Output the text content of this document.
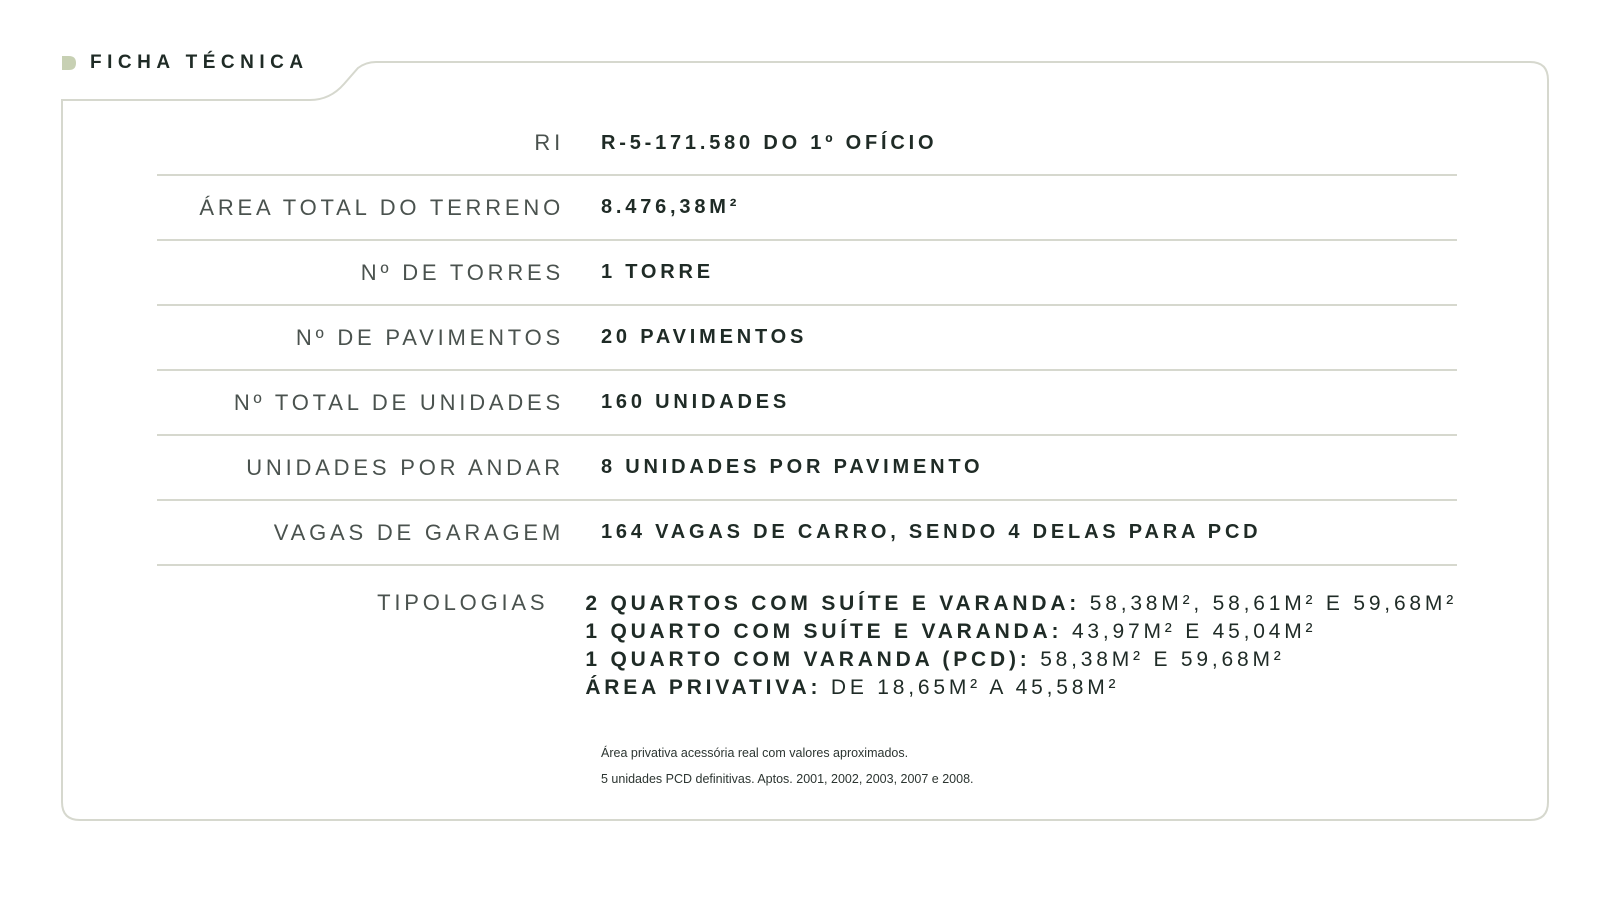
FICHA TÉCNICA
RI R-5-171.580 DO 1º OFÍCIO
ÁREA TOTAL DO TERRENO 8.476,38M²
Nº DE TORRES 1 TORRE
Nº DE PAVIMENTOS 20 PAVIMENTOS
Nº TOTAL DE UNIDADES 160 UNIDADES
UNIDADES POR ANDAR 8 UNIDADES POR PAVIMENTO
VAGAS DE GARAGEM 164 VAGAS DE CARRO, SENDO 4 DELAS PARA PCD
TIPOLOGIAS 2 QUARTOS COM SUÍTE E VARANDA: 58,38M², 58,61M² E 59,68M²
1 QUARTO COM SUÍTE E VARANDA: 43,97M² E 45,04M²
1 QUARTO COM VARANDA (PCD): 58,38M² E 59,68M²
ÁREA PRIVATIVA: DE 18,65M² A 45,58M²
Área privativa acessória real com valores aproximados.
5 unidades PCD definitivas. Aptos. 2001, 2002, 2003, 2007 e 2008.
